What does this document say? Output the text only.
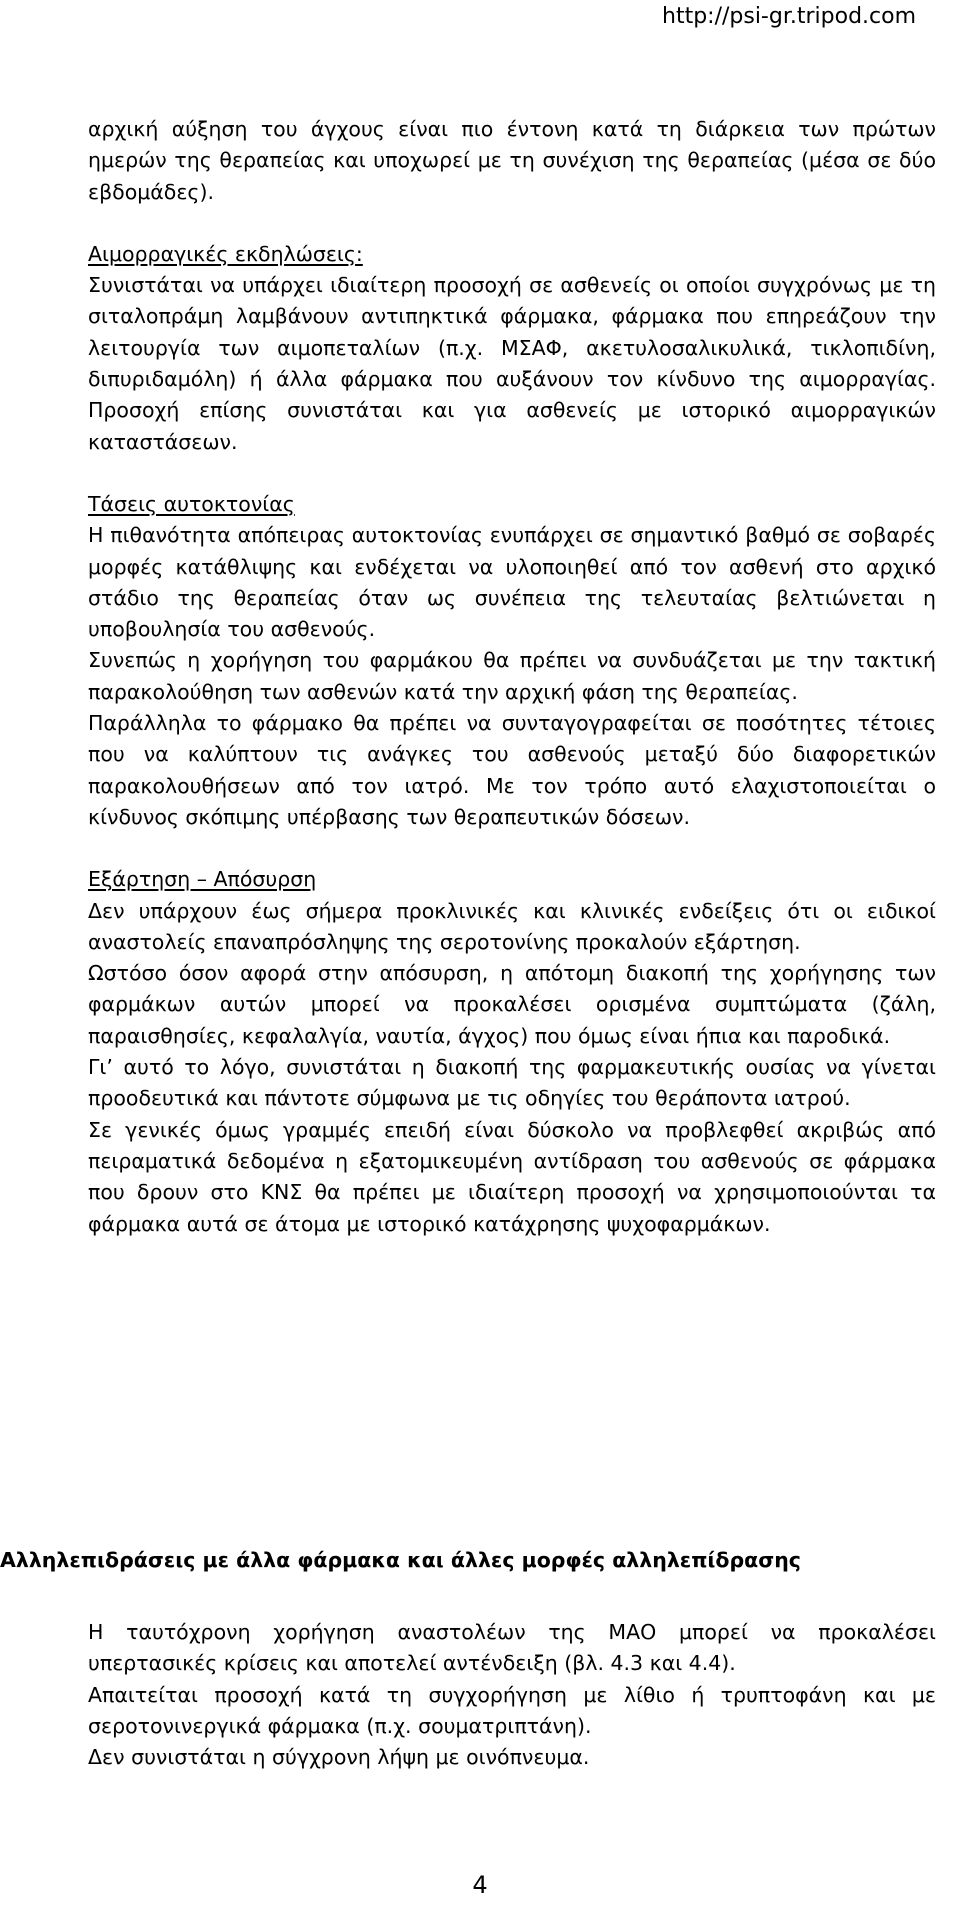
http://psi-gr.tripod.com

αρχική αύξηση του άγχους είναι πιο έντονη κατά τη διάρκεια των πρώτων ημερών της θεραπείας και υποχωρεί με τη συνέχιση της θεραπείας (μέσα σε δύο εβδομάδες).

Αιμορραγικές εκδηλώσεις:

Συνιστάται να υπάρχει ιδιαίτερη προσοχή σε ασθενείς οι οποίοι συγχρόνως με τη σιταλοπράμη λαμβάνουν αντιπηκτικά φάρμακα, φάρμακα που επηρεάζουν την λειτουργία των αιμοπεταλίων (π.χ. ΜΣΑΦ, ακετυλοσαλικυλικά, τικλοπιδίνη, διπυριδαμόλη) ή άλλα φάρμακα που αυξάνουν τον κίνδυνο της αιμορραγίας. Προσοχή επίσης συνιστάται και για ασθενείς με ιστορικό αιμορραγικών καταστάσεων.

Τάσεις αυτοκτονίας

Η πιθανότητα απόπειρας αυτοκτονίας ενυπάρχει σε σημαντικό βαθμό σε σοβαρές μορφές κατάθλιψης και ενδέχεται να υλοποιηθεί από τον ασθενή στο αρχικό στάδιο της θεραπείας όταν ως συνέπεια της τελευταίας βελτιώνεται η υποβουλησία του ασθενούς.

Συνεπώς η χορήγηση του φαρμάκου θα πρέπει να συνδυάζεται με την τακτική παρακολούθηση των ασθενών κατά την αρχική φάση της θεραπείας.

Παράλληλα το φάρμακο θα πρέπει να συνταγογραφείται σε ποσότητες τέτοιες που να καλύπτουν τις ανάγκες του ασθενούς μεταξύ δύο διαφορετικών παρακολουθήσεων από τον ιατρό. Με τον τρόπο αυτό ελαχιστοποιείται ο κίνδυνος σκόπιμης υπέρβασης των θεραπευτικών δόσεων.

Εξάρτηση – Απόσυρση

Δεν υπάρχουν έως σήμερα προκλινικές και κλινικές ενδείξεις ότι οι ειδικοί αναστολείς επαναπρόσληψης της σεροτονίνης προκαλούν εξάρτηση.

Ωστόσο όσον αφορά στην απόσυρση, η απότομη διακοπή της χορήγησης των φαρμάκων αυτών μπορεί να προκαλέσει ορισμένα συμπτώματα (ζάλη, παραισθησίες, κεφαλαλγία, ναυτία, άγχος) που όμως είναι ήπια και παροδικά.

Γι’ αυτό το λόγο, συνιστάται η διακοπή της φαρμακευτικής ουσίας να γίνεται προοδευτικά και πάντοτε σύμφωνα με τις οδηγίες του θεράποντα ιατρού.

Σε γενικές όμως γραμμές επειδή είναι δύσκολο να προβλεφθεί ακριβώς από πειραματικά δεδομένα η εξατομικευμένη αντίδραση του ασθενούς σε φάρμακα που δρουν στο ΚΝΣ θα πρέπει με ιδιαίτερη προσοχή να χρησιμοποιούνται τα φάρμακα αυτά σε άτομα με ιστορικό κατάχρησης ψυχοφαρμάκων.

Αλληλεπιδράσεις με άλλα φάρμακα και άλλες μορφές αλληλεπίδρασης

Η ταυτόχρονη χορήγηση αναστολέων της ΜΑΟ μπορεί να προκαλέσει υπερτασικές κρίσεις και αποτελεί αντένδειξη (βλ. 4.3 και 4.4).

Απαιτείται προσοχή κατά τη συγχορήγηση με λίθιο ή τρυπτοφάνη και με σεροτονινεργικά φάρμακα (π.χ. σουματριπτάνη).

Δεν συνιστάται η σύγχρονη λήψη με οινόπνευμα.

4
